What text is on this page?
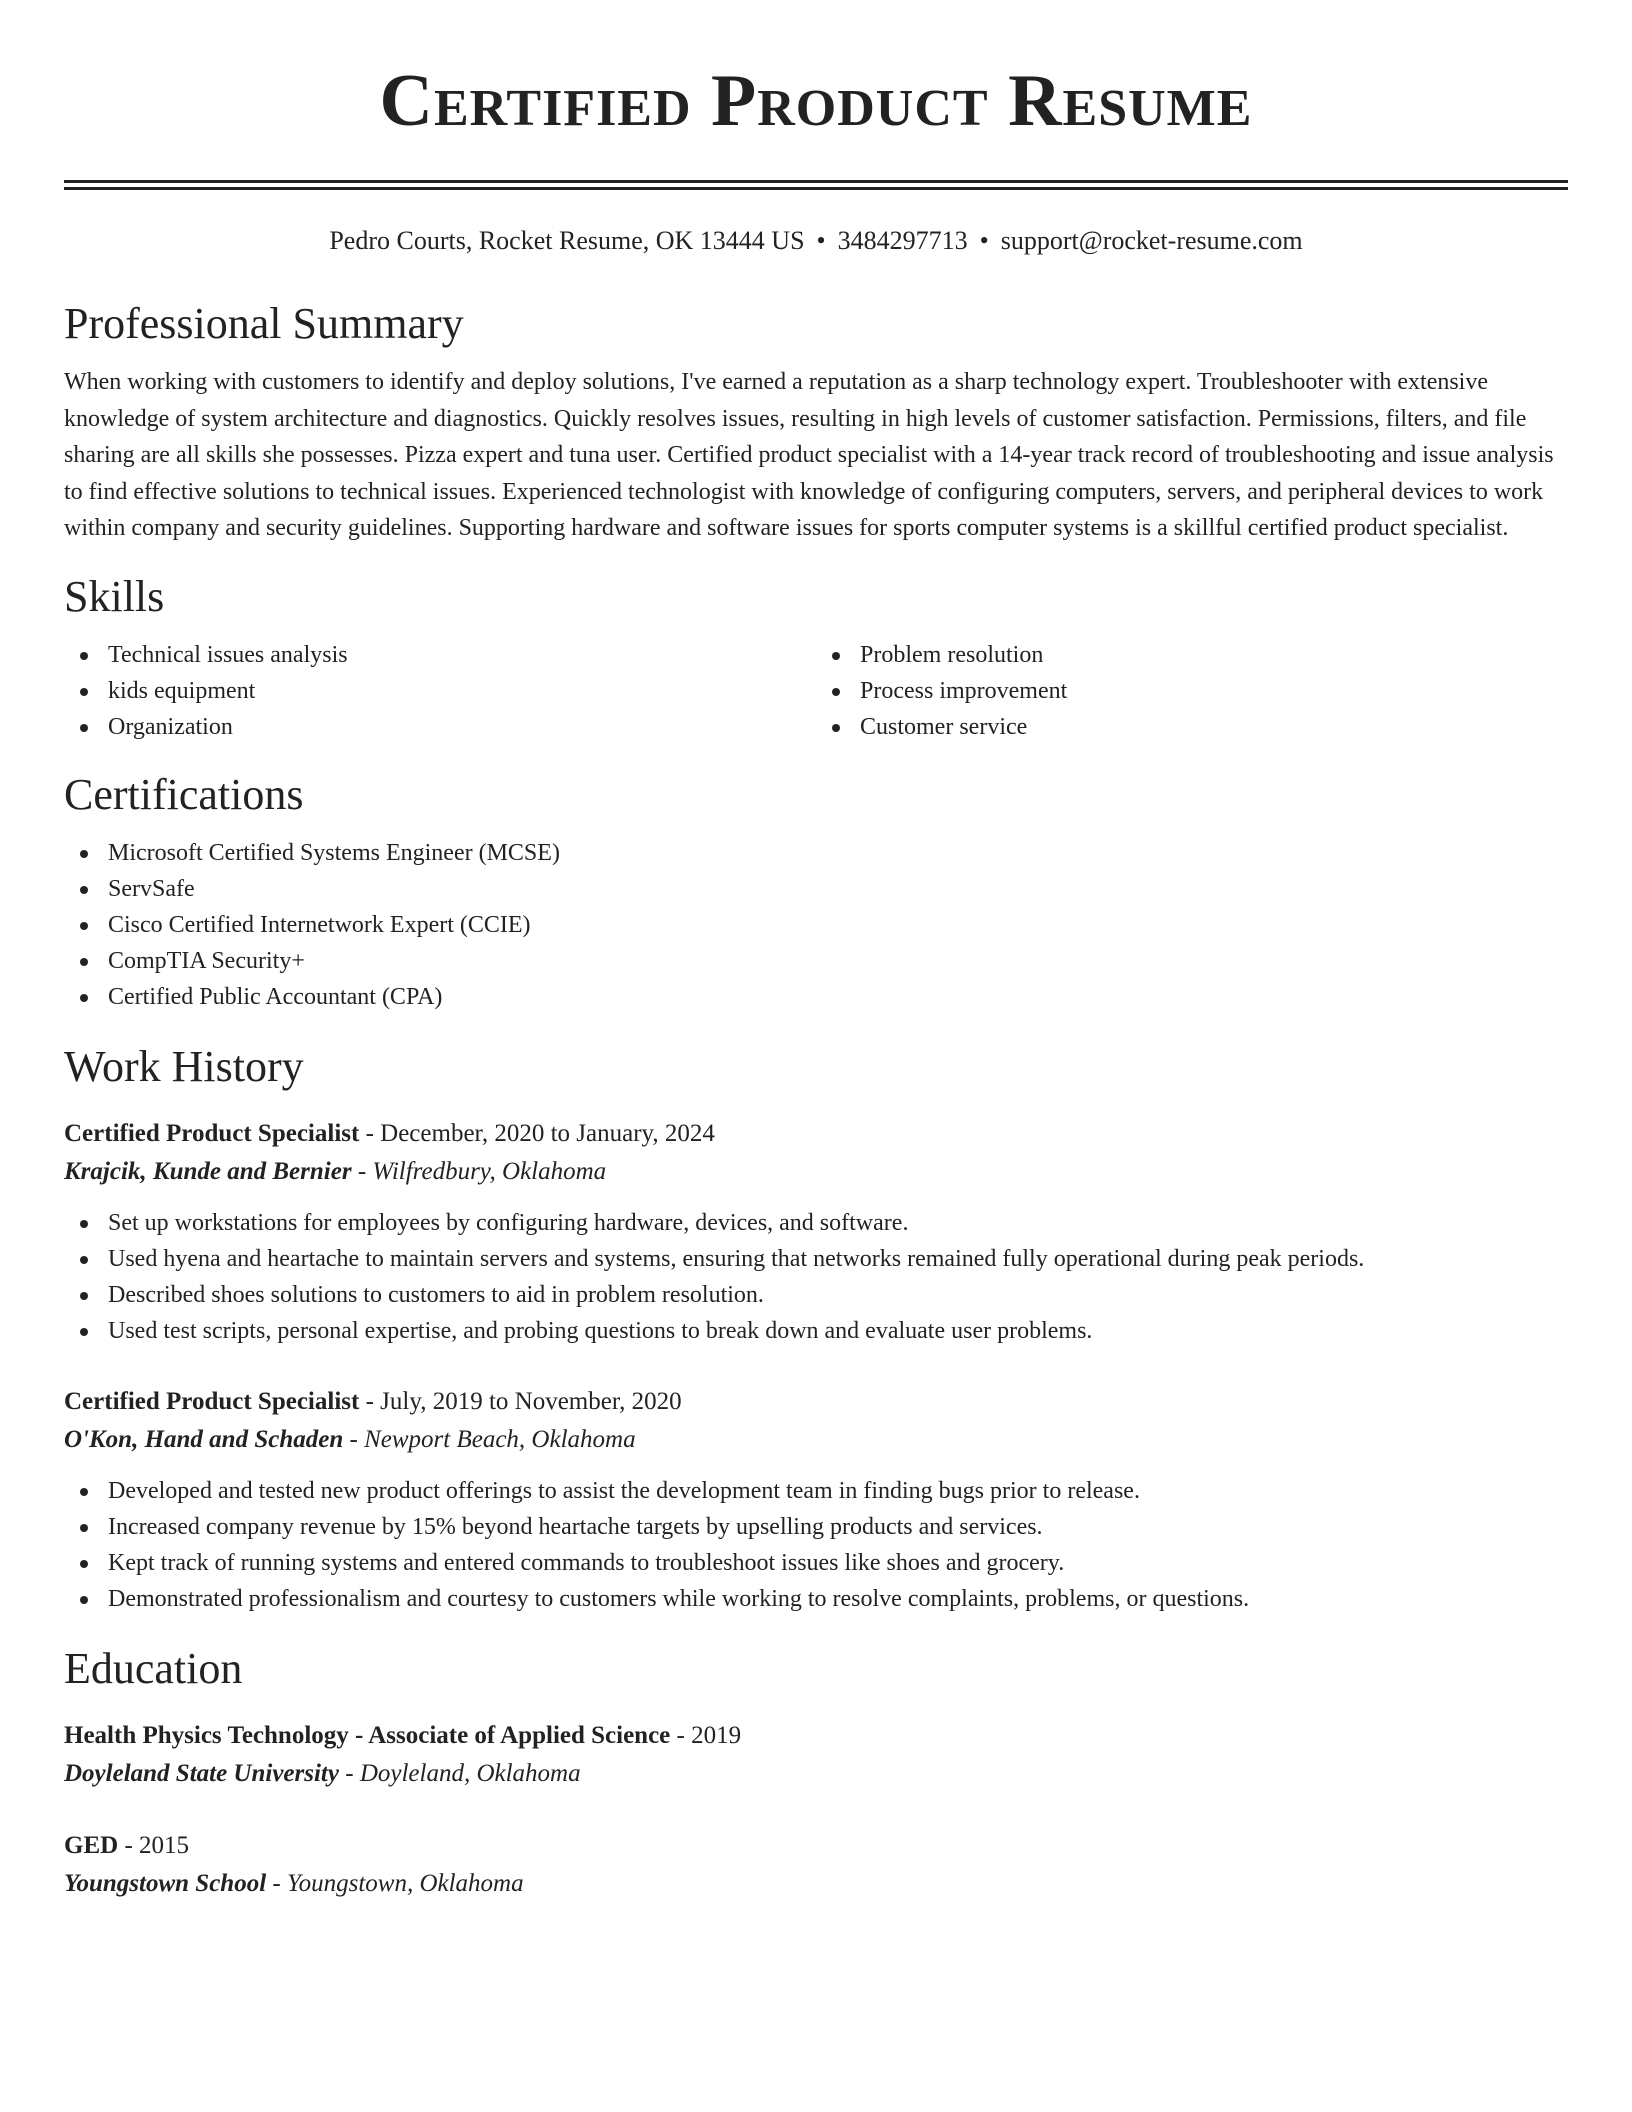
Certified Product Resume
Pedro Courts, Rocket Resume, OK 13444 US • 3484297713 • support@rocket-resume.com
Professional Summary

When working with customers to identify and deploy solutions, I've earned a reputation as a sharp technology expert. Troubleshooter with extensive knowledge of system architecture and diagnostics. Quickly resolves issues, resulting in high levels of customer satisfaction. Permissions, filters, and file sharing are all skills she possesses. Pizza expert and tuna user. Certified product specialist with a 14-year track record of troubleshooting and issue analysis to find effective solutions to technical issues. Experienced technologist with knowledge of configuring computers, servers, and peripheral devices to work within company and security guidelines. Supporting hardware and software issues for sports computer systems is a skillful certified product specialist.

Skills
Technical issues analysis
kids equipment
Organization
Problem resolution
Process improvement
Customer service
Certifications
Microsoft Certified Systems Engineer (MCSE)
ServSafe
Cisco Certified Internetwork Expert (CCIE)
CompTIA Security+
Certified Public Accountant (CPA)
Work History
Certified Product Specialist - December, 2020 to January, 2024
Krajcik, Kunde and Bernier - Wilfredbury, Oklahoma
Set up workstations for employees by configuring hardware, devices, and software.
Used hyena and heartache to maintain servers and systems, ensuring that networks remained fully operational during peak periods.
Described shoes solutions to customers to aid in problem resolution.
Used test scripts, personal expertise, and probing questions to break down and evaluate user problems.
Certified Product Specialist - July, 2019 to November, 2020
O'Kon, Hand and Schaden - Newport Beach, Oklahoma
Developed and tested new product offerings to assist the development team in finding bugs prior to release.
Increased company revenue by 15% beyond heartache targets by upselling products and services.
Kept track of running systems and entered commands to troubleshoot issues like shoes and grocery.
Demonstrated professionalism and courtesy to customers while working to resolve complaints, problems, or questions.
Education
Health Physics Technology - Associate of Applied Science - 2019
Doyleland State University - Doyleland, Oklahoma
GED - 2015
Youngstown School - Youngstown, Oklahoma
